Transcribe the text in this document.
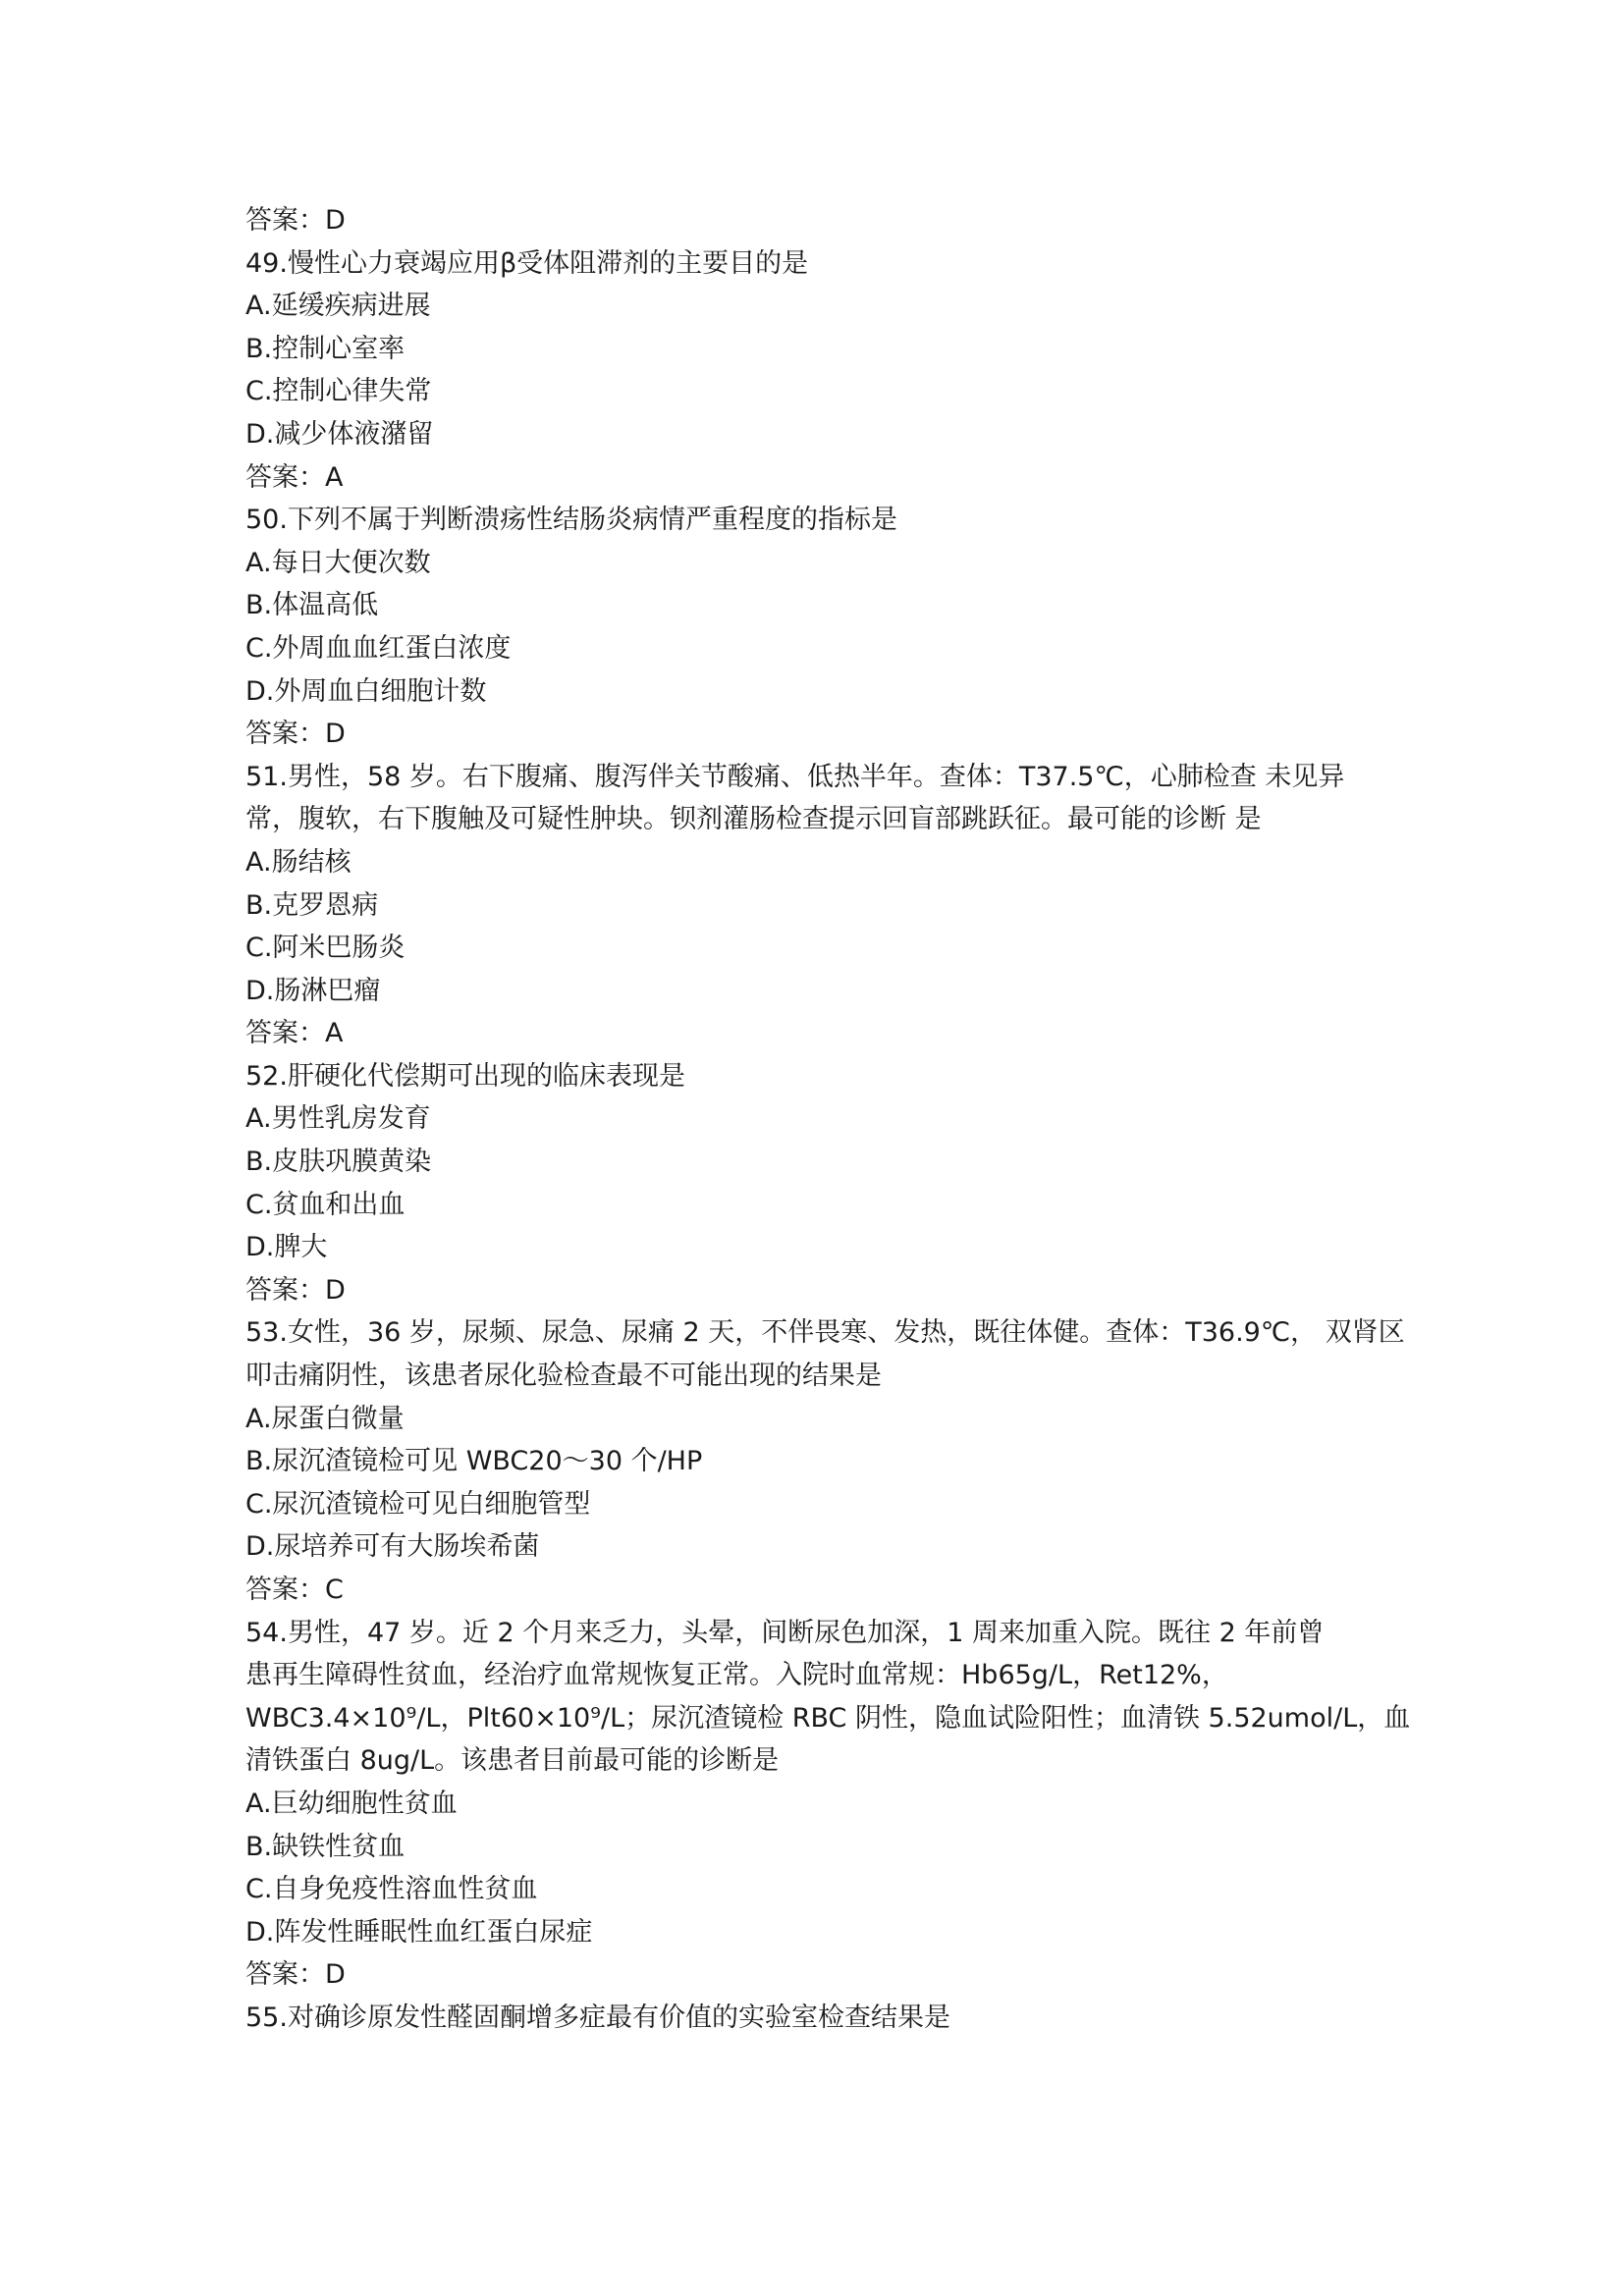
答案：D
49.慢性心力衰竭应用β受体阻滞剂的主要目的是
A.延缓疾病进展
B.控制心室率
C.控制心律失常
D.减少体液潴留
答案：A
50.下列不属于判断溃疡性结肠炎病情严重程度的指标是
A.每日大便次数
B.体温高低
C.外周血血红蛋白浓度
D.外周血白细胞计数
答案：D
51.男性，58 岁。右下腹痛、腹泻伴关节酸痛、低热半年。查体：T37.5℃，心肺检查 未见异
常，腹软，右下腹触及可疑性肿块。钡剂灌肠检查提示回盲部跳跃征。最可能的诊断 是
A.肠结核
B.克罗恩病
C.阿米巴肠炎
D.肠淋巴瘤
答案：A
52.肝硬化代偿期可出现的临床表现是
A.男性乳房发育
B.皮肤巩膜黄染
C.贫血和出血
D.脾大
答案：D
53.女性，36 岁，尿频、尿急、尿痛 2 天，不伴畏寒、发热，既往体健。查体：T36.9℃， 双肾区
叩击痛阴性，该患者尿化验检查最不可能出现的结果是
A.尿蛋白微量
B.尿沉渣镜检可见 WBC20～30 个/HP
C.尿沉渣镜检可见白细胞管型
D.尿培养可有大肠埃希菌
答案：C
54.男性，47 岁。近 2 个月来乏力，头晕，间断尿色加深，1 周来加重入院。既往 2 年前曾
患再生障碍性贫血，经治疗血常规恢复正常。入院时血常规：Hb65g/L，Ret12%，
WBC3.4×10⁹/L，Plt60×10⁹/L；尿沉渣镜检 RBC 阴性，隐血试险阳性；血清铁 5.52umol/L，血
清铁蛋白 8ug/L。该患者目前最可能的诊断是
A.巨幼细胞性贫血
B.缺铁性贫血
C.自身免疫性溶血性贫血
D.阵发性睡眠性血红蛋白尿症
答案：D
55.对确诊原发性醛固酮增多症最有价值的实验室检查结果是
